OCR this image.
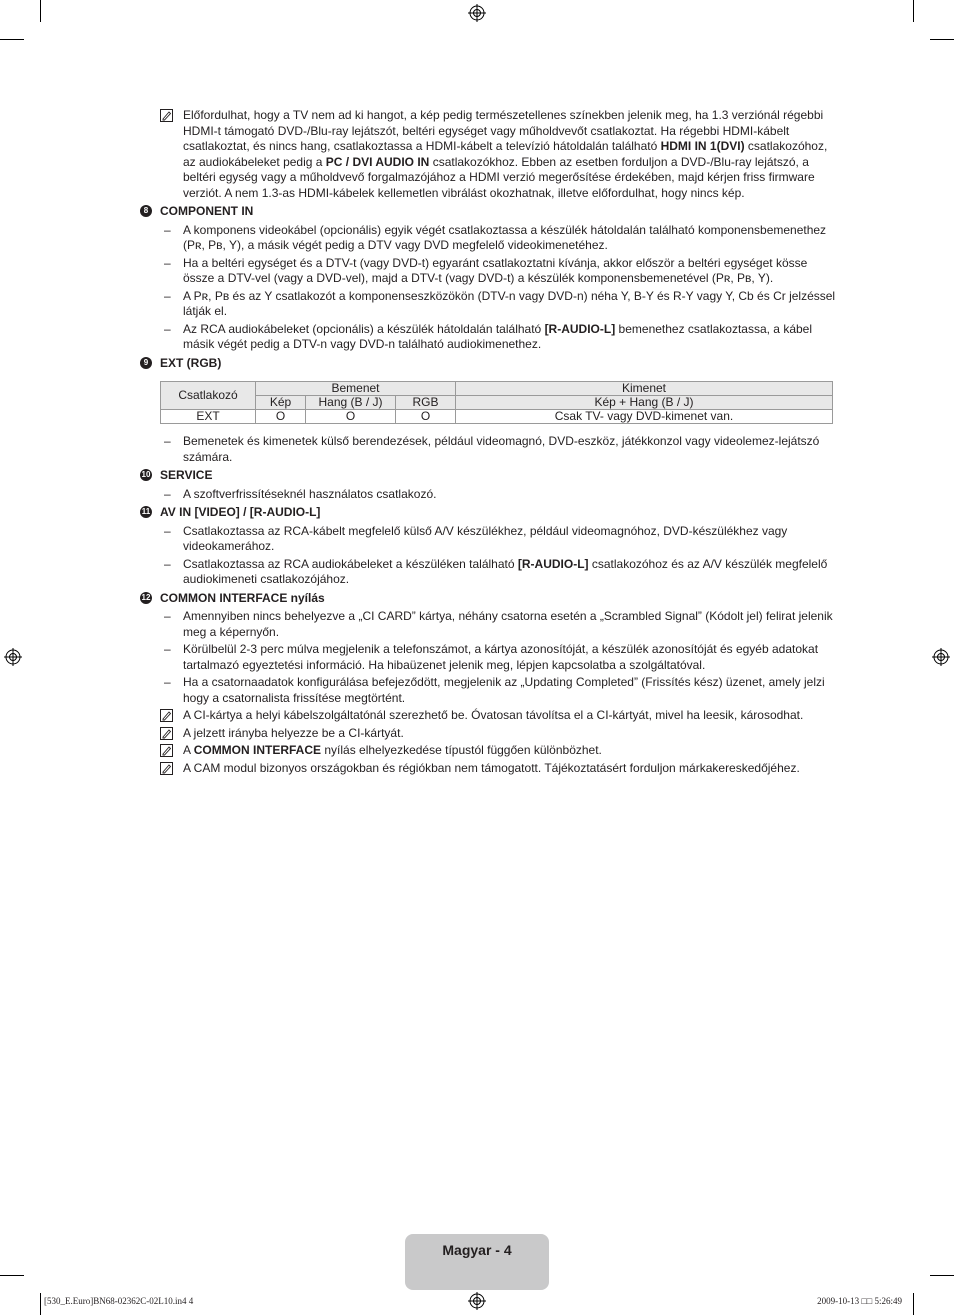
Előfordulhat, hogy a TV nem ad ki hangot, a kép pedig természetellenes színekben jelenik meg, ha 1.3 verziónál régebbi HDMI-t támogató DVD-/Blu-ray lejátszót, beltéri egységet vagy műholdvevőt csatlakoztat. Ha régebbi HDMI-kábelt csatlakoztat, és nincs hang, csatlakoztassa a HDMI-kábelt a televízió hátoldalán található HDMI IN 1(DVI) csatlakozóhoz, az audiokábeleket pedig a PC / DVI AUDIO IN csatlakozókhoz. Ebben az esetben forduljon a DVD-/Blu-ray lejátszó, a beltéri egység vagy a műholdvevő forgalmazójához a HDMI verzió megerősítése érdekében, majd kérjen friss firmware verziót. A nem 1.3-as HDMI-kábelek kellemetlen vibrálást okozhatnak, illetve előfordulhat, hogy nincs kép.
8 COMPONENT IN
– A komponens videokábel (opcionális) egyik végét csatlakoztassa a készülék hátoldalán található komponensbemenethez (Pʀ, Pʙ, Y), a másik végét pedig a DTV vagy DVD megfelelő videokimenetéhez.
– Ha a beltéri egységet és a DTV-t (vagy DVD-t) egyaránt csatlakoztatni kívánja, akkor először a beltéri egységet kösse össze a DTV-vel (vagy a DVD-vel), majd a DTV-t (vagy DVD-t) a készülék komponensbemenetével (Pʀ, Pʙ, Y).
– A Pʀ, Pʙ és az Y csatlakozót a komponenseszközökön (DTV-n vagy DVD-n) néha Y, B-Y és R-Y vagy Y, Cb és Cr jelzéssel látják el.
– Az RCA audiokábeleket (opcionális) a készülék hátoldalán található [R-AUDIO-L] bemenethez csatlakoztassa, a kábel másik végét pedig a DTV-n vagy DVD-n található audiokimenethez.
9 EXT (RGB)
Csatlakozó	Bemenet			Kimenet
	Kép	Hang (B / J)	RGB	Kép + Hang (B / J)
EXT	O	O	O	Csak TV- vagy DVD-kimenet van.
– Bemenetek és kimenetek külső berendezések, például videomagnó, DVD-eszköz, játékkonzol vagy videolemez-lejátszó számára.
10 SERVICE
– A szoftverfrissítéseknél használatos csatlakozó.
11 AV IN [VIDEO] / [R-AUDIO-L]
– Csatlakoztassa az RCA-kábelt megfelelő külső A/V készülékhez, például videomagnóhoz, DVD-készülékhez vagy videokamerához.
– Csatlakoztassa az RCA audiokábeleket a készüléken található [R-AUDIO-L] csatlakozóhoz és az A/V készülék megfelelő audiokimeneti csatlakozójához.
12 COMMON INTERFACE nyílás
– Amennyiben nincs behelyezve a „CI CARD” kártya, néhány csatorna esetén a „Scrambled Signal” (Kódolt jel) felirat jelenik meg a képernyőn.
– Körülbelül 2-3 perc múlva megjelenik a telefonszámot, a kártya azonosítóját, a készülék azonosítóját és egyéb adatokat tartalmazó egyeztetési információ. Ha hibaüzenet jelenik meg, lépjen kapcsolatba a szolgáltatóval.
– Ha a csatornaadatok konfigurálása befejeződött, megjelenik az „Updating Completed” (Frissítés kész) üzenet, amely jelzi hogy a csatornalista frissítése megtörtént.
A CI-kártya a helyi kábelszolgáltatónál szerezhető be. Óvatosan távolítsa el a CI-kártyát, mivel ha leesik, károsodhat.
A jelzett irányba helyezze be a CI-kártyát.
A COMMON INTERFACE nyílás elhelyezkedése típustól függően különbözhet.
A CAM modul bizonyos országokban és régiókban nem támogatott. Tájékoztatásért forduljon márkakereskedőjéhez.
Magyar - 4
[530_E.Euro]BN68-02362C-02L10.in4 4	2009-10-13 □□ 5:26:49
